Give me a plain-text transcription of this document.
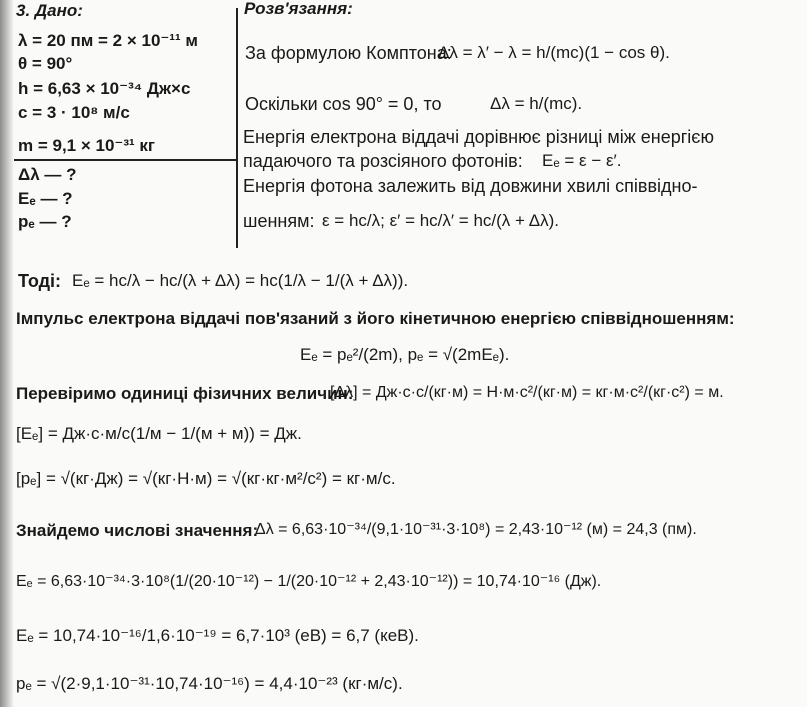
3. Дано:
λ = 20 пм = 2 × 10⁻¹¹ м
θ = 90°
h = 6,63 × 10⁻³⁴ Дж×с
c = 3 · 10⁸ м/с
m = 9,1 × 10⁻³¹ кг
Δλ — ?
Eₑ — ?
pₑ — ?
Розв'язання:
За формулою Комптона:
Δλ = λ′ − λ = h/(mc)(1 − cos θ).
Оскільки cos 90° = 0, то	Δλ = h/(mc).
Енергія електрона віддачі дорівнює різниці між енергією
падаючого та розсіяного фотонів: Eₑ = ε − ε′.
Енергія фотона залежить від довжини хвилі співвідно-
шенням: ε = hc/λ; ε′ = hc/λ′ = hc/(λ + Δλ).
Тоді: Eₑ = hc/λ − hc/(λ + Δλ) = hc(1/λ − 1/(λ + Δλ)).
Імпульс електрона віддачі пов'язаний з його кінетичною енергією співвідношенням:
Eₑ = pₑ²/(2m), pₑ = √(2mEₑ).
Перевіримо одиниці фізичних величин:
[Δλ] = Дж·с·с/(кг·м) = Н·м·с²/(кг·м) = кг·м·с²/(кг·с²) = м.
[Eₑ] = Дж·с·м/с(1/м − 1/(м + м)) = Дж.
[pₑ] = √(кг·Дж) = √(кг·Н·м) = √(кг·кг·м²/с²) = кг·м/с.
Знайдемо числові значення:
Δλ = 6,63·10⁻³⁴/(9,1·10⁻³¹·3·10⁸) = 2,43·10⁻¹² (м) = 24,3 (пм).
Eₑ = 6,63·10⁻³⁴·3·10⁸(1/(20·10⁻¹²) − 1/(20·10⁻¹² + 2,43·10⁻¹²)) = 10,74·10⁻¹⁶ (Дж).
Eₑ = 10,74·10⁻¹⁶/1,6·10⁻¹⁹ = 6,7·10³ (еВ) = 6,7 (кеВ).
pₑ = √(2·9,1·10⁻³¹·10,74·10⁻¹⁶) = 4,4·10⁻²³ (кг·м/с).
